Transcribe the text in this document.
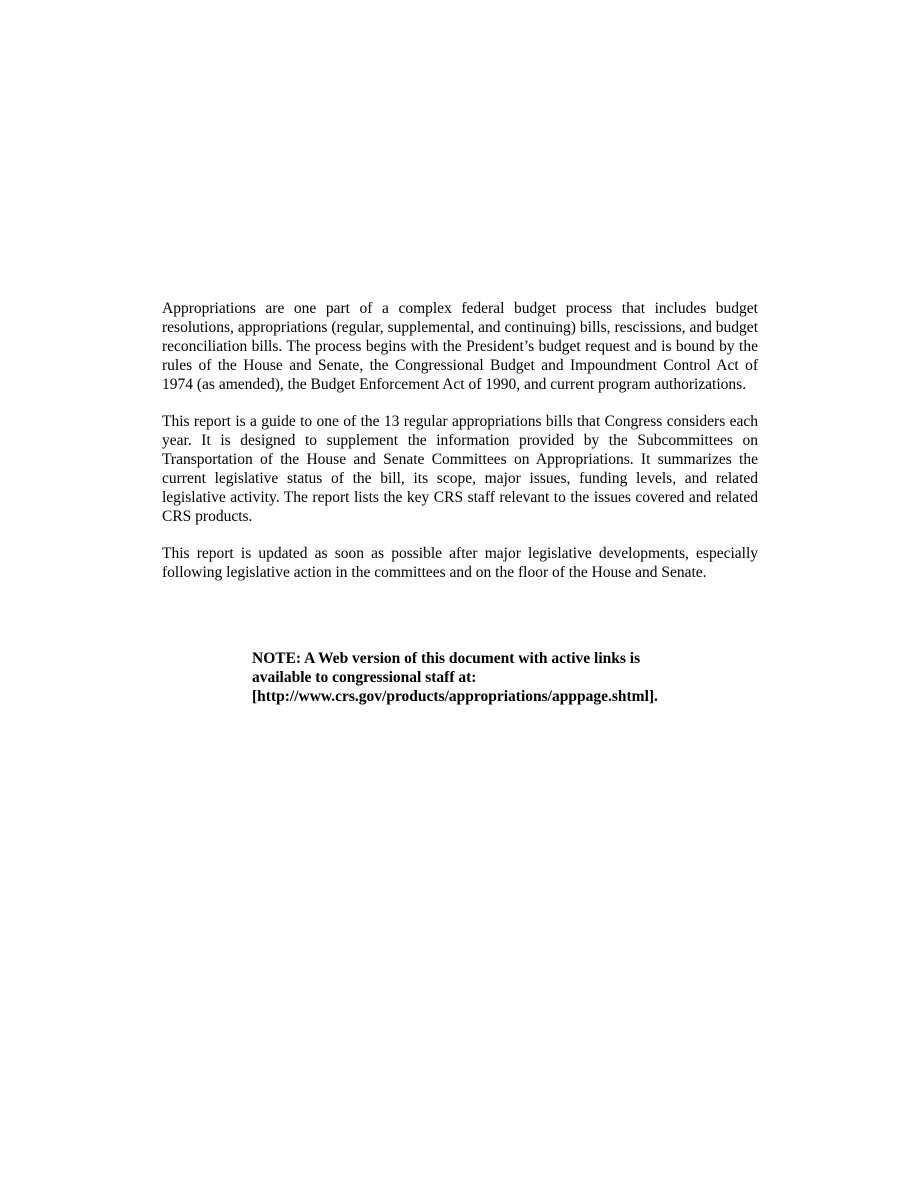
Appropriations are one part of a complex federal budget process that includes budget resolutions, appropriations (regular, supplemental, and continuing) bills, rescissions, and budget reconciliation bills. The process begins with the President’s budget request and is bound by the rules of the House and Senate, the Congressional Budget and Impoundment Control Act of 1974 (as amended), the Budget Enforcement Act of 1990, and current program authorizations.

This report is a guide to one of the 13 regular appropriations bills that Congress considers each year. It is designed to supplement the information provided by the Subcommittees on Transportation of the House and Senate Committees on Appropriations. It summarizes the current legislative status of the bill, its scope, major issues, funding levels, and related legislative activity. The report lists the key CRS staff relevant to the issues covered and related CRS products.

This report is updated as soon as possible after major legislative developments, especially following legislative action in the committees and on the floor of the House and Senate.

NOTE: A Web version of this document with active links is
available to congressional staff at:
[http://www.crs.gov/products/appropriations/apppage.shtml].
